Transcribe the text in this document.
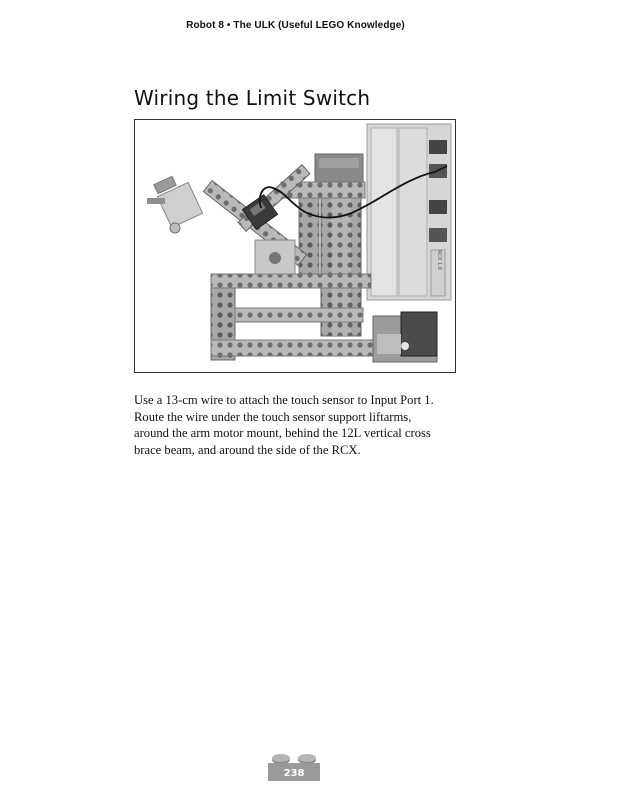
Robot 8 • The ULK (Useful LEGO Knowledge)
Wiring the Limit Switch
RCX 1.0

Use a 13-cm wire to attach the touch sensor to Input Port 1.
Route the wire under the touch sensor support liftarms,
around the arm motor mount, behind the 12L vertical cross
brace beam, and around the side of the RCX.

238
